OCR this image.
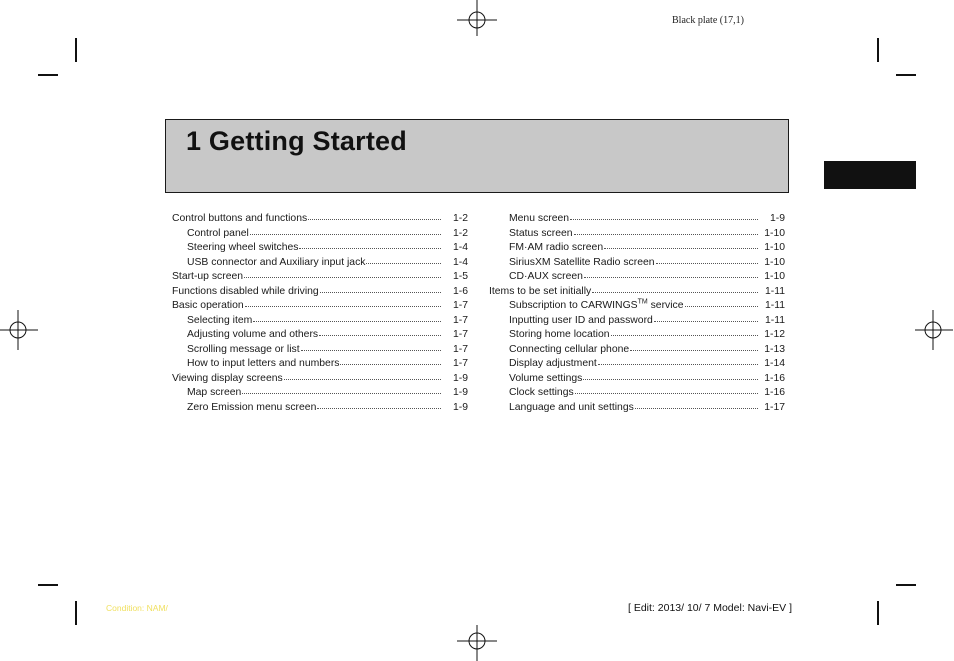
Black plate (17,1)
1 Getting Started
Control buttons and functions	1-2
Control panel	1-2
Steering wheel switches	1-4
USB connector and Auxiliary input jack	1-4
Start-up screen	1-5
Functions disabled while driving	1-6
Basic operation	1-7
Selecting item	1-7
Adjusting volume and others	1-7
Scrolling message or list	1-7
How to input letters and numbers	1-7
Viewing display screens	1-9
Map screen	1-9
Zero Emission menu screen	1-9
Menu screen	1-9
Status screen	1-10
FM·AM radio screen	1-10
SiriusXM Satellite Radio screen	1-10
CD·AUX screen	1-10
Items to be set initially	1-11
Subscription to CARWINGS™ service	1-11
Inputting user ID and password	1-11
Storing home location	1-12
Connecting cellular phone	1-13
Display adjustment	1-14
Volume settings	1-16
Clock settings	1-16
Language and unit settings	1-17
Condition: NAM/	[ Edit: 2013/ 10/ 7 Model: Navi-EV ]
